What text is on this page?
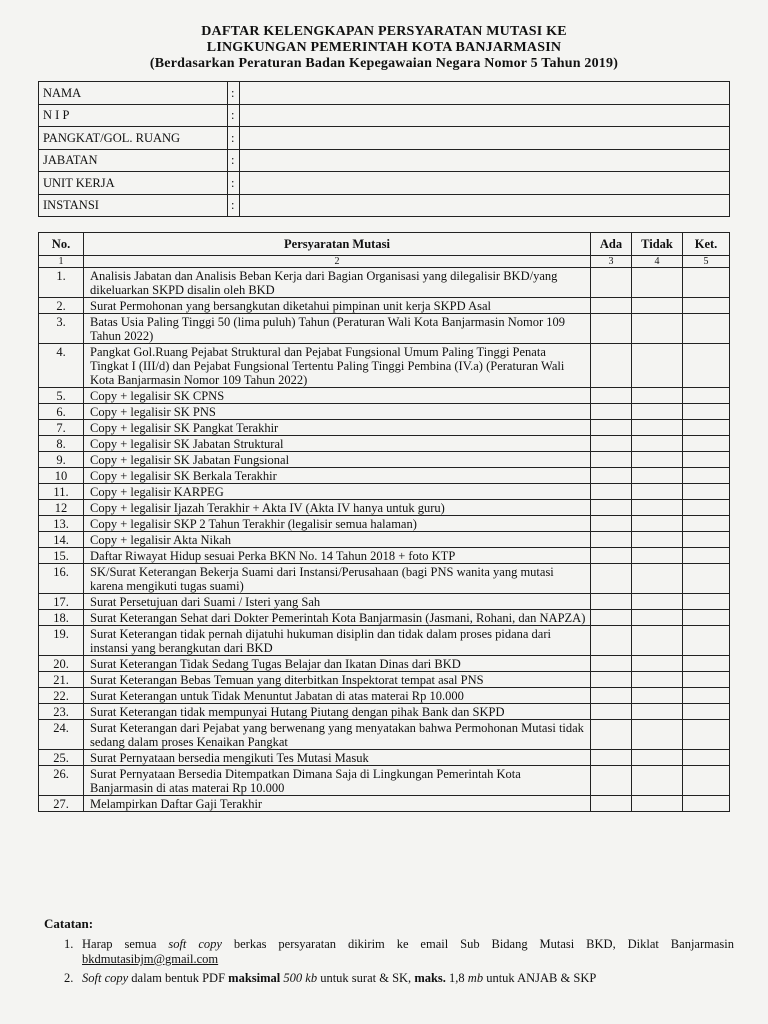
DAFTAR KELENGKAPAN PERSYARATAN MUTASI KE
LINGKUNGAN PEMERINTAH KOTA BANJARMASIN
(Berdasarkan Peraturan Badan Kepegawaian Negara Nomor 5 Tahun 2019)
NAMA	:	
N I P	:	
PANGKAT/GOL. RUANG	:	
JABATAN	:	
UNIT KERJA	:	
INSTANSI	:	
No.	Persyaratan Mutasi	Ada	Tidak	Ket.
1	2	3	4	5
1.	Analisis Jabatan dan Analisis Beban Kerja dari Bagian Organisasi yang dilegalisir BKD/yang dikeluarkan SKPD disalin oleh BKD			
2.	Surat Permohonan yang bersangkutan diketahui pimpinan unit kerja SKPD Asal			
3.	Batas Usia Paling Tinggi 50 (lima puluh) Tahun (Peraturan Wali Kota Banjarmasin Nomor 109 Tahun 2022)			
4.	Pangkat Gol.Ruang Pejabat Struktural dan Pejabat Fungsional Umum Paling Tinggi Penata Tingkat I (III/d) dan Pejabat Fungsional Tertentu Paling Tinggi Pembina (IV.a) (Peraturan Wali Kota Banjarmasin Nomor 109 Tahun 2022)			
5.	Copy + legalisir SK CPNS			
6.	Copy + legalisir SK PNS			
7.	Copy + legalisir SK Pangkat Terakhir			
8.	Copy + legalisir SK Jabatan Struktural			
9.	Copy + legalisir SK Jabatan Fungsional			
10	Copy + legalisir SK Berkala Terakhir			
11.	Copy + legalisir KARPEG			
12	Copy + legalisir Ijazah Terakhir + Akta IV (Akta IV hanya untuk guru)			
13.	Copy + legalisir SKP 2 Tahun Terakhir (legalisir semua halaman)			
14.	Copy + legalisir Akta Nikah			
15.	Daftar Riwayat Hidup sesuai Perka BKN No. 14 Tahun 2018 + foto KTP			
16.	SK/Surat Keterangan Bekerja Suami dari Instansi/Perusahaan (bagi PNS wanita yang mutasi karena mengikuti tugas suami)			
17.	Surat Persetujuan dari Suami / Isteri yang Sah			
18.	Surat Keterangan Sehat dari Dokter Pemerintah Kota Banjarmasin (Jasmani, Rohani, dan NAPZA)			
19.	Surat Keterangan tidak pernah dijatuhi hukuman disiplin dan tidak dalam proses pidana dari instansi yang berangkutan dari BKD			
20.	Surat Keterangan Tidak Sedang Tugas Belajar dan Ikatan Dinas dari BKD			
21.	Surat Keterangan Bebas Temuan yang diterbitkan Inspektorat tempat asal PNS			
22.	Surat Keterangan untuk Tidak Menuntut Jabatan di atas materai Rp 10.000			
23.	Surat Keterangan tidak mempunyai Hutang Piutang dengan pihak Bank dan SKPD			
24.	Surat Keterangan dari Pejabat yang berwenang yang menyatakan bahwa Permohonan Mutasi tidak sedang dalam proses Kenaikan Pangkat			
25.	Surat Pernyataan bersedia mengikuti Tes Mutasi Masuk			
26.	Surat Pernyataan Bersedia Ditempatkan Dimana Saja di Lingkungan Pemerintah Kota Banjarmasin di atas materai Rp 10.000			
27.	Melampirkan Daftar Gaji Terakhir			
Catatan:
1. Harap semua soft copy berkas persyaratan dikirim ke email Sub Bidang Mutasi BKD, Diklat Banjarmasin bkdmutasibjm@gmail.com
2. Soft copy dalam bentuk PDF maksimal 500 kb untuk surat & SK, maks. 1,8 mb untuk ANJAB & SKP
